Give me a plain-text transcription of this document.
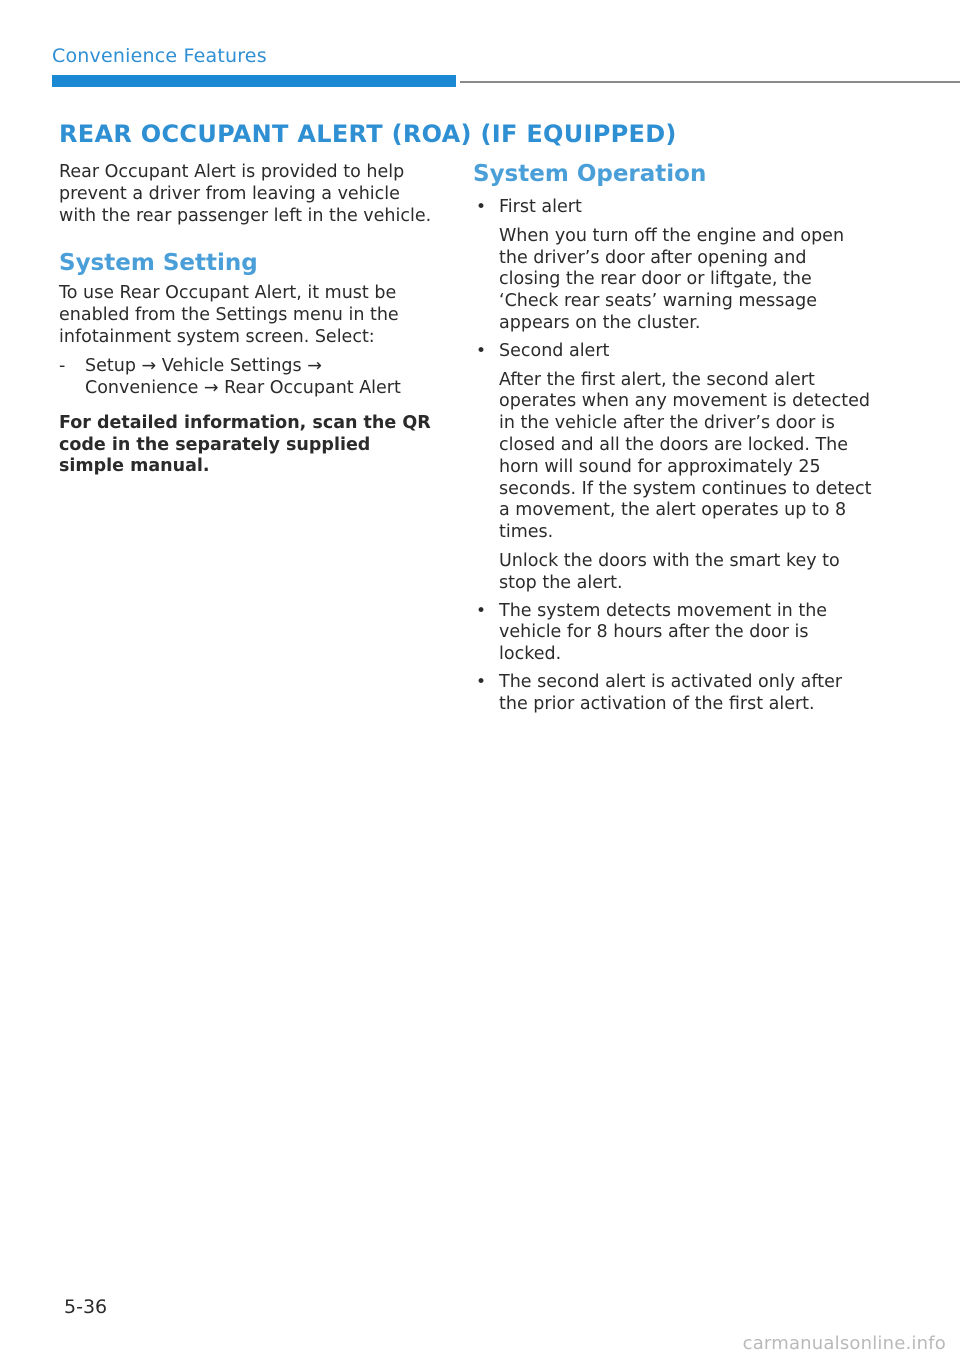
Convenience Features
REAR OCCUPANT ALERT (ROA) (IF EQUIPPED)

Rear Occupant Alert is provided to help prevent a driver from leaving a vehicle with the rear passenger left in the vehicle.

System Setting

To use Rear Occupant Alert, it must be enabled from the Settings menu in the infotainment system screen. Select:

-	Setup → Vehicle Settings →
Convenience → Rear Occupant Alert

For detailed information, scan the QR code in the separately supplied simple manual.

System Operation
• First alert

When you turn off the engine and open the driver’s door after opening and closing the rear door or liftgate, the ‘Check rear seats’ warning message appears on the cluster.

• Second alert

After the first alert, the second alert operates when any movement is detected in the vehicle after the driver’s door is closed and all the doors are locked. The horn will sound for approximately 25 seconds. If the system continues to detect a movement, the alert operates up to 8 times.

Unlock the doors with the smart key to stop the alert.

• The system detects movement in the vehicle for 8 hours after the door is locked.

• The second alert is activated only after the prior activation of the first alert.

5-36
carmanualsonline.info
